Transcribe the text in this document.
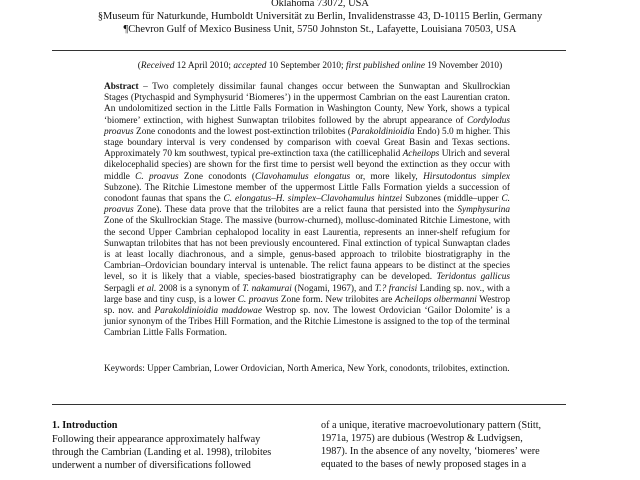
Oklahoma 73072, USA
§Museum für Naturkunde, Humboldt Universität zu Berlin, Invalidenstrasse 43, D-10115 Berlin, Germany
¶Chevron Gulf of Mexico Business Unit, 5750 Johnston St., Lafayette, Louisiana 70503, USA
(Received 12 April 2010; accepted 10 September 2010; first published online 19 November 2010)

Abstract – Two completely dissimilar faunal changes occur between the Sunwaptan and Skullrockian Stages (Ptychaspid and Symphysurid ‘Biomeres’) in the uppermost Cambrian on the east Laurentian craton. An undolomitized section in the Little Falls Formation in Washington County, New York, shows a typical ‘biomere’ extinction, with highest Sunwaptan trilobites followed by the abrupt appearance of Cordylodus proavus Zone conodonts and the lowest post-extinction trilobites (Parakoldinioidia Endo) 5.0 m higher. This stage boundary interval is very condensed by comparison with coeval Great Basin and Texas sections. Approximately 70 km southwest, typical pre-extinction taxa (the catillicephalid Acheilops Ulrich and several dikelocephalid species) are shown for the first time to persist well beyond the extinction as they occur with middle C. proavus Zone conodonts (Clavohamulus elongatus or, more likely, Hirsutodontus simplex Subzone). The Ritchie Limestone member of the uppermost Little Falls Formation yields a succession of conodont faunas that spans the C. elongatus–H. simplex–Clavohamulus hintzei Subzones (middle–upper C. proavus Zone). These data prove that the trilobites are a relict fauna that persisted into the Symphysurina Zone of the Skullrockian Stage. The massive (burrow-churned), mollusc-dominated Ritchie Limestone, with the second Upper Cambrian cephalopod locality in east Laurentia, represents an inner-shelf refugium for Sunwaptan trilobites that has not been previously encountered. Final extinction of typical Sunwaptan clades is at least locally diachronous, and a simple, genus-based approach to trilobite biostratigraphy in the Cambrian–Ordovician boundary interval is untenable. The relict fauna appears to be distinct at the species level, so it is likely that a viable, species-based biostratigraphy can be developed. Teridontus gallicus Serpagli et al. 2008 is a synonym of T. nakamurai (Nogami, 1967), and T.? francisi Landing sp. nov., with a large base and tiny cusp, is a lower C. proavus Zone form. New trilobites are Acheilops olbermanni Westrop sp. nov. and Parakoldinioidia maddowae Westrop sp. nov. The lowest Ordovician ‘Gailor Dolomite’ is a junior synonym of the Tribes Hill Formation, and the Ritchie Limestone is assigned to the top of the terminal Cambrian Little Falls Formation.

Keywords: Upper Cambrian, Lower Ordovician, North America, New York, conodonts, trilobites, extinction.

1. Introduction
Following their appearance approximately halfway
through the Cambrian (Landing et al. 1998), trilobites
underwent a number of diversifications followed
of a unique, iterative macroevolutionary pattern (Stitt,
1971a, 1975) are dubious (Westrop & Ludvigsen,
1987). In the absence of any novelty, ‘biomeres’ were
equated to the bases of newly proposed stages in a
